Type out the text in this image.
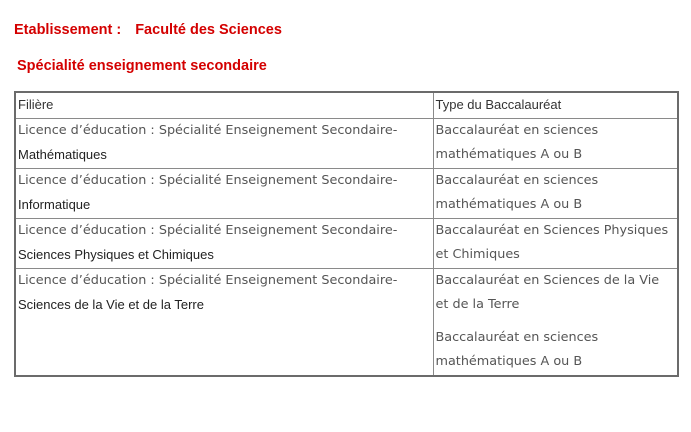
Etablissement : Faculté des Sciences
Spécialité enseignement secondaire
Filière	Type du Baccalauréat

Licence d’éducation : Spécialité Enseignement Secondaire-
Mathématiques	Baccalauréat en sciences
mathématiques A ou B

Licence d’éducation : Spécialité Enseignement Secondaire-
Informatique	Baccalauréat en sciences
mathématiques A ou B

Licence d’éducation : Spécialité Enseignement Secondaire-
Sciences Physiques et Chimiques	Baccalauréat en Sciences Physiques
et Chimiques

Licence d’éducation : Spécialité Enseignement Secondaire-
Sciences de la Vie et de la Terre	Baccalauréat en Sciences de la Vie
et de la Terre
Baccalauréat en sciences
mathématiques A ou B
